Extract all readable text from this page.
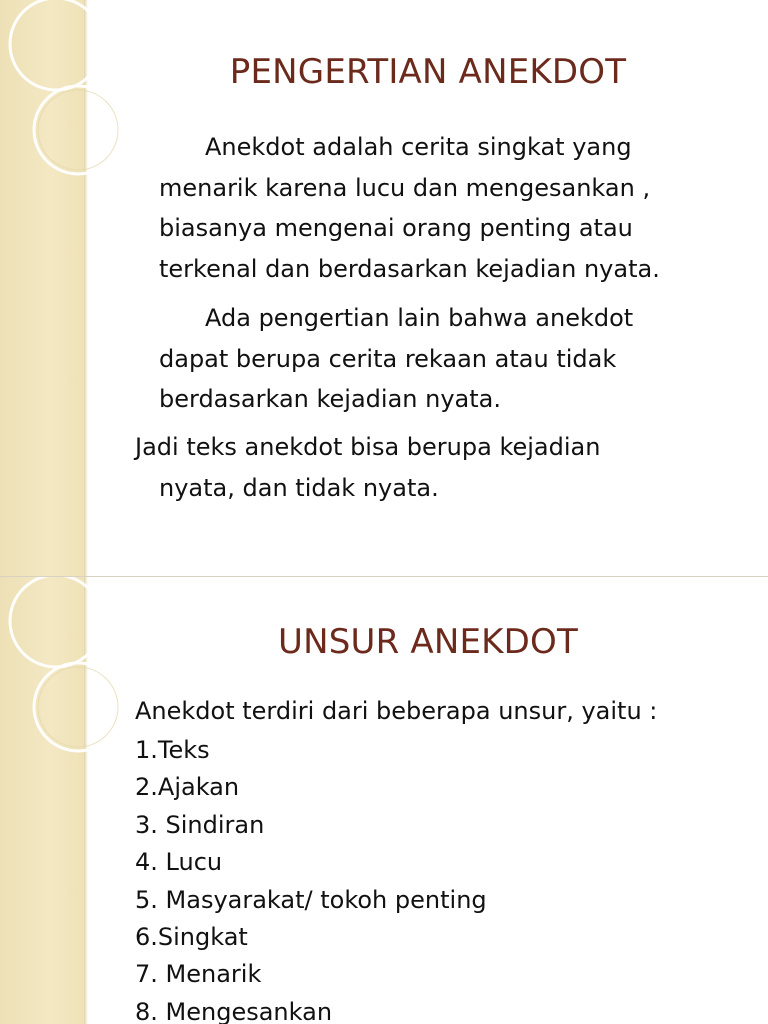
PENGERTIAN ANEKDOT
Anekdot adalah cerita singkat yang
menarik karena lucu dan mengesankan ,
biasanya mengenai orang penting atau
terkenal dan berdasarkan kejadian nyata.
Ada pengertian lain bahwa anekdot
dapat berupa cerita rekaan atau tidak
berdasarkan kejadian nyata.
Jadi teks anekdot bisa berupa kejadian
nyata, dan tidak nyata.
UNSUR ANEKDOT

Anekdot terdiri dari beberapa unsur, yaitu :

1.Teks
2.Ajakan
3. Sindiran
4. Lucu
5. Masyarakat/ tokoh penting
6.Singkat
7. Menarik
8. Mengesankan
